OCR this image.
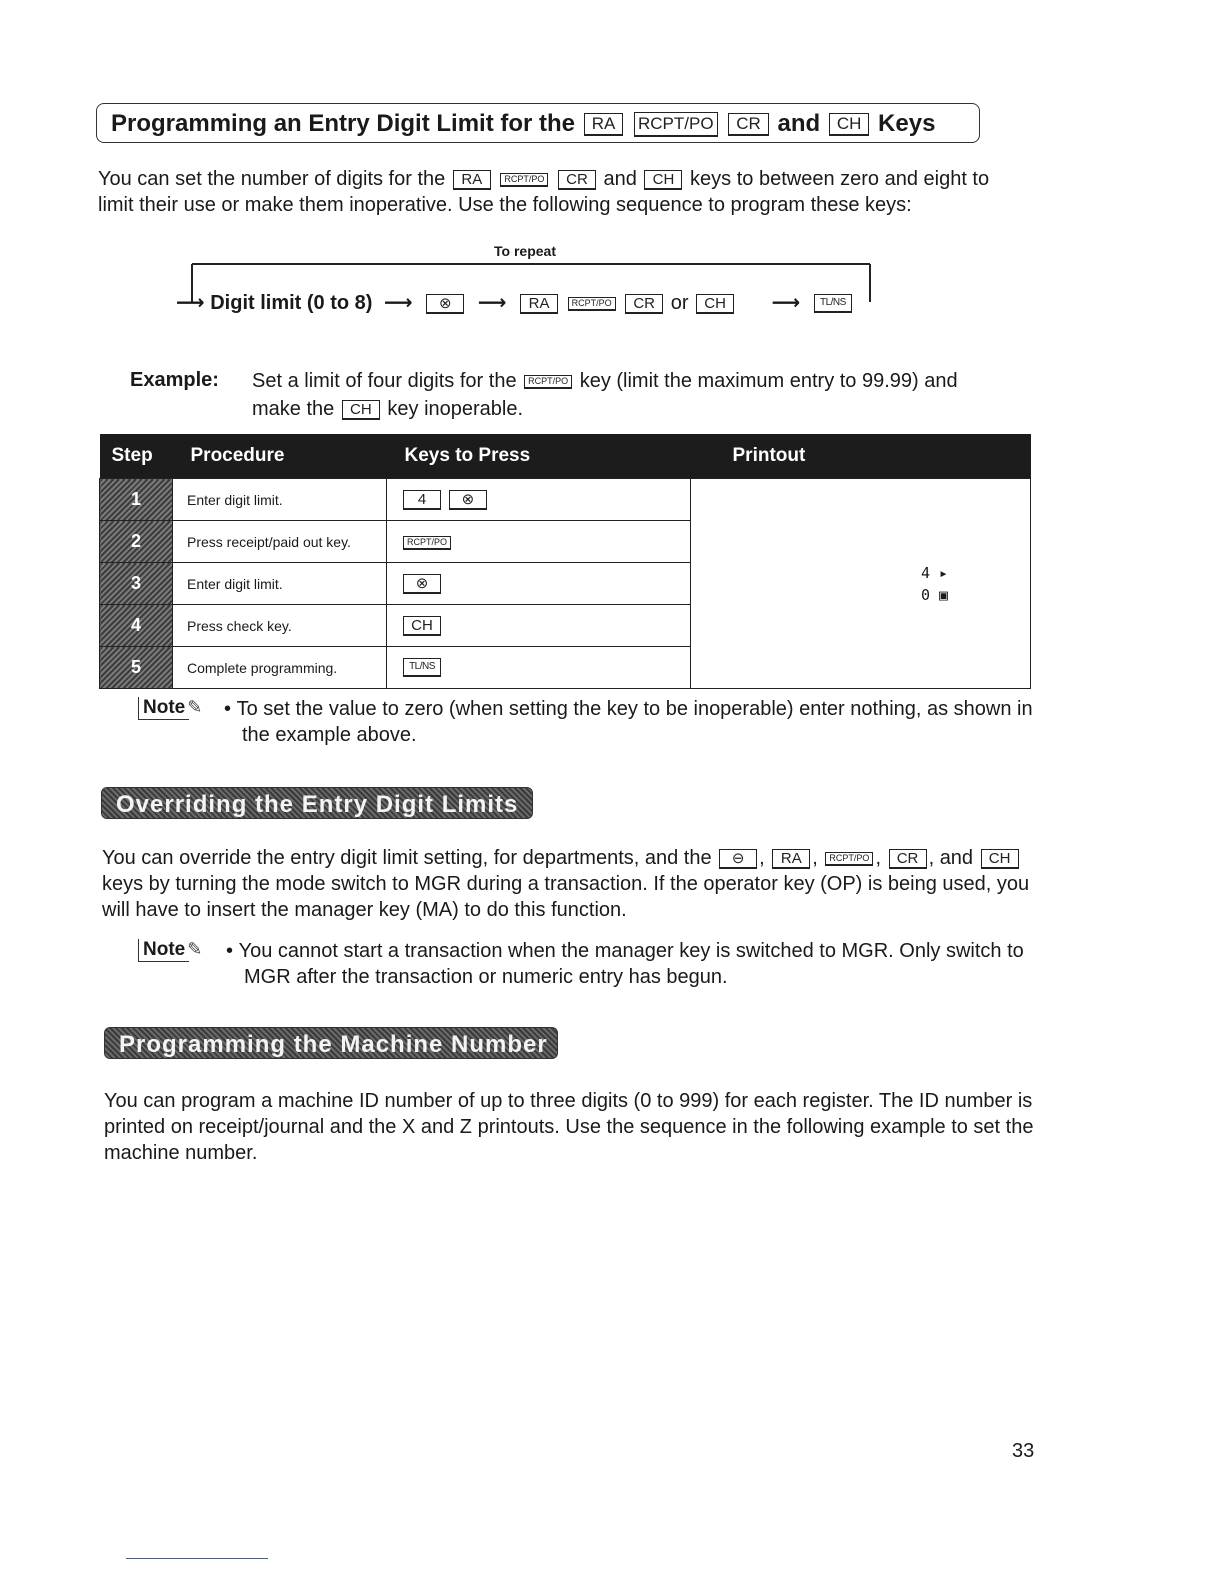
Programming an Entry Digit Limit for the RA RCPT/PO CR and CH Keys
You can set the number of digits for the RA RCPT/PO CR and CH keys to between zero and eight to limit their use or make them inoperative. Use the following sequence to program these keys:
To repeat
⟶ Digit limit (0 to 8) ⟶ ⊗ ⟶ RA RCPT/PO CR or CH ⟶ TL/NS
Example: Set a limit of four digits for the RCPT/PO key (limit the maximum entry to 99.99) and
make the CH key inoperable.
Step	Procedure	Keys to Press	Printout
1	Enter digit limit.	4 ⊗	4 ▸
0 ▣

2	Press receipt/paid out key.	RCPT/PO	
3	Enter digit limit.	⊗	
4	Press check key.	CH	
5	Complete programming.	TL/NS	
Note ✎ • To set the value to zero (when setting the key to be inoperable) enter nothing, as shown in the example above.
Overriding the Entry Digit Limits
You can override the entry digit limit setting, for departments, and the ⊖ , RA , RCPT/PO , CR , and CH keys by turning the mode switch to MGR during a transaction. If the operator key (OP) is being used, you will have to insert the manager key (MA) to do this function.
Note ✎ • You cannot start a transaction when the manager key is switched to MGR. Only switch to MGR after the transaction or numeric entry has begun.
Programming the Machine Number
You can program a machine ID number of up to three digits (0 to 999) for each register. The ID number is printed on receipt/journal and the X and Z printouts. Use the sequence in the following example to set the machine number.
33
